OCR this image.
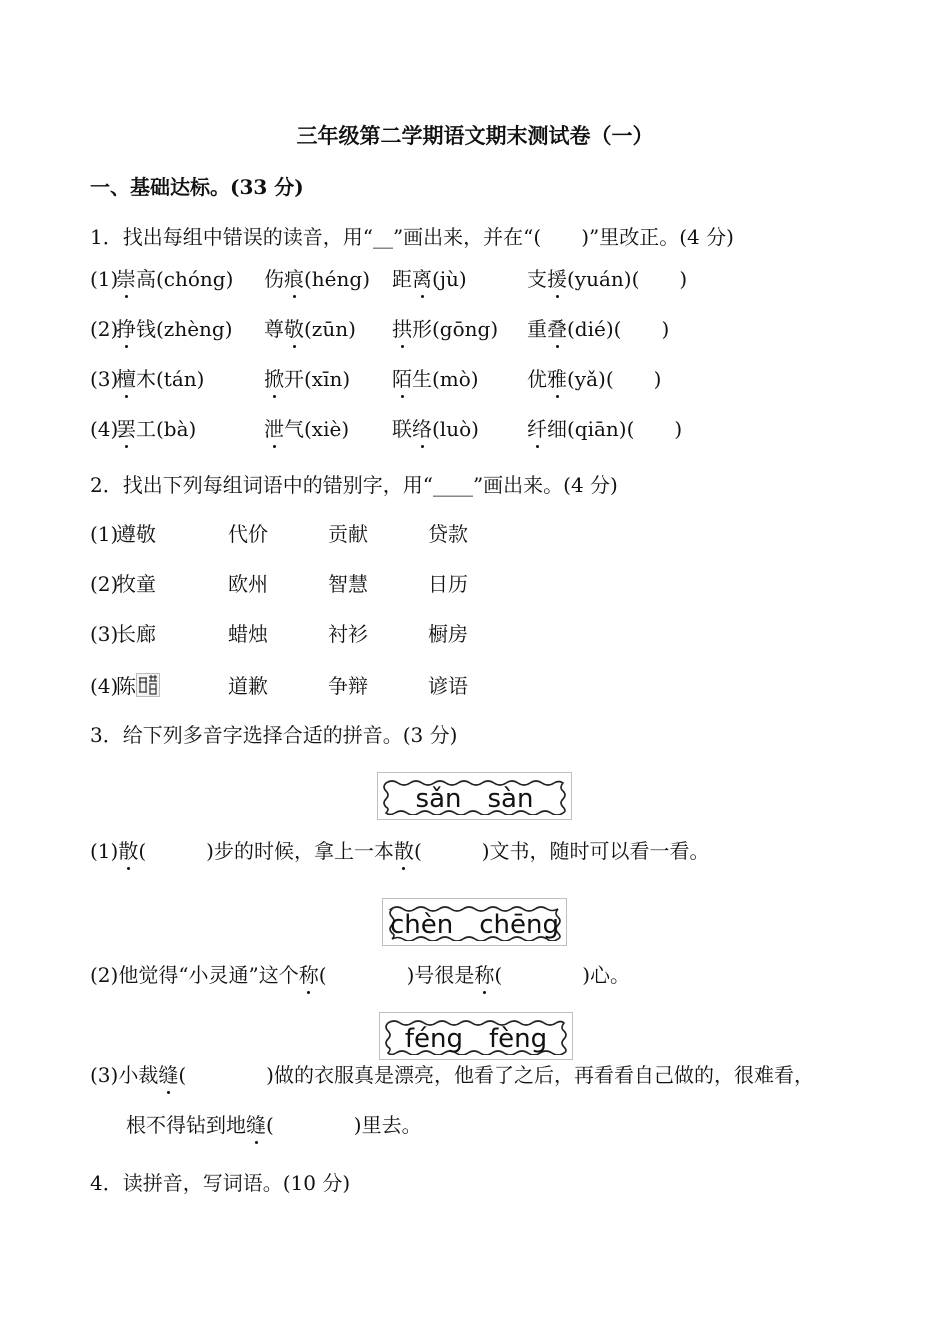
三年级第二学期语文期末测试卷（一）
一、基础达标。(33 分)
1．找出每组中错误的读音，用“__”画出来，并在“(　　)”里改正。(4 分)
(1)
崇高(chóng) 伤痕(héng) 距离(jù)	支援(yuán)(　　)
(2)
挣钱(zhèng) 尊敬(zūn) 拱形(gōng) 重叠(dié)(　　)
(3)
檀木(tán)	掀开(xīn) 陌生(mò) 优雅(yǎ)(　　)
(4)
罢工(bà)	泄气(xiè) 联络(luò) 纤细(qiān)(　　)
2．找出下列每组词语中的错别字，用“____”画出来。(4 分)
(1)
遵敬	代价	贡献	贷款
(2)
牧童	欧州	智慧	日历
(3)
长廊	蜡烛	衬衫	橱房
(4)
陈	道歉	争辩	谚语
3．给下列多音字选择合适的拼音。(3 分)
sǎn　sàn
(1)散(　　　)步的时候，拿上一本散(　　　)文书，随时可以看一看。
chèn　chēng
(2)他觉得“小灵通”这个称(　　　　)号很是称(　　　　)心。
féng　fèng
(3)小裁缝(　　　　)做的衣服真是漂亮，他看了之后，再看看自己做的，很难看，
根不得钻到地缝(　　　　)里去。
4．读拼音，写词语。(10 分)
